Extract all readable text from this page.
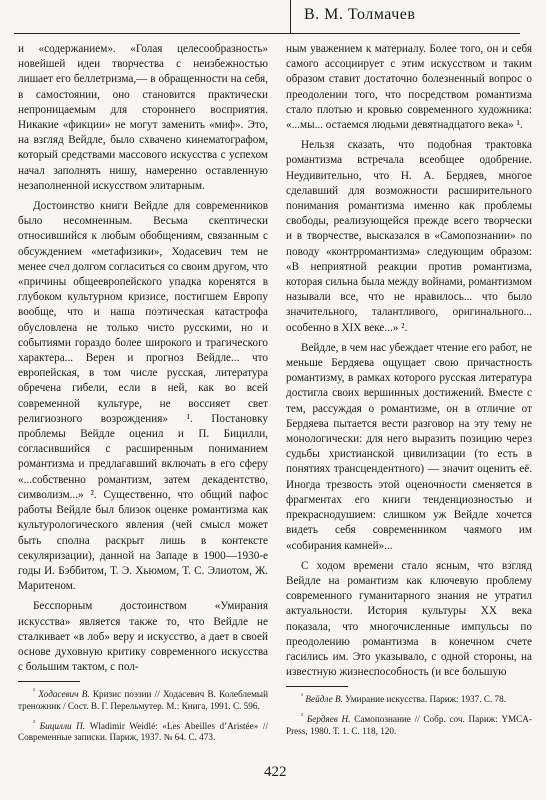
В. М. Толмачев

и «содержанием». «Голая целесообразность» новейшей идеи творчества с неизбежностью лишает его беллетризма,— в обращенности на себя, в самостоянии, оно становится практически непроницаемым для стороннего восприятия. Никакие «фикции» не могут заменить «миф». Это, на взгляд Вейдле, было схвачено кинематографом, который средствами массового искусства с успехом начал заполнять нишу, намеренно оставленную незаполненной искусством элитарным.

Достоинство книги Вейдле для современников было несомненным. Весьма скептически относившийся к любым обобщениям, связанным с обсуждением «метафизики», Ходасевич тем не менее счел долгом согласиться со своим другом, что «причины общеевропейского упадка коренятся в глубоком культурном кризисе, постигшем Европу вообще, что и наша поэтическая катастрофа обусловлена не только чисто русскими, но и событиями гораздо более широкого и трагического характера... Верен и прогноз Вейдле... что европейская, в том числе русская, литература обречена гибели, если в ней, как во всей современной культуре, не воссияет свет религиозного возрождения» ¹. Постановку проблемы Вейдле оценил и П. Бицилли, согласившийся с расширенным пониманием романтизма и предлагавший включать в его сферу «...собственно романтизм, затем декадентство, символизм...» ². Существенно, что общий пафос работы Вейдле был близок оценке романтизма как культурологического явления (чей смысл может быть сполна раскрыт лишь в контексте секуляризации), данной на Западе в 1900—1930-е годы И. Бэббитом, Т. Э. Хьюмом, Т. С. Элиотом, Ж. Маритеном.

Бесспорным достоинством «Умирания искусства» является также то, что Вейдле не сталкивает «в лоб» веру и искусство, а дает в своей основе духовную критику современного искусства с большим тактом, с пол-

$^{^1}$ Ходасевич В. Кризис поэзии // Ходасевич В. Колеблемый треножник / Сост. В. Г. Перельмутер. М.: Книга, 1991. С. 596.

$^{^2}$ Бицилли П. Wladimir Weidlé: «Les Abeilles d’Aristée» // Современные записки. Париж, 1937. № 64. С. 473.

ным уважением к материалу. Более того, он и себя самого ассоциирует с этим искусством и таким образом ставит достаточно болезненный вопрос о преодолении того, что посредством романтизма стало плотью и кровью современного художника: «...мы... остаемся людьми девятнадцатого века» ¹.

Нельзя сказать, что подобная трактовка романтизма встречала всеобщее одобрение. Неудивительно, что Н. А. Бердяев, многое сделавший для возможности расширительного понимания романтизма именно как проблемы свободы, реализующейся прежде всего творчески и в творчестве, высказался в «Самопознании» по поводу «контрромантизма» следующим образом: «В неприятной реакции против романтизма, которая сильна была между войнами, романтизмом называли все, что не нравилось... что было значительного, талантливого, оригинального... особенно в XIX веке...» ².

Вейдле, в чем нас убеждает чтение его работ, не меньше Бердяева ощущает свою причастность романтизму, в рамках которого русская литература достигла своих вершинных достижений. Вместе с тем, рассуждая о романтизме, он в отличие от Бердяева пытается вести разговор на эту тему не монологически: для него выразить позицию через судьбы христианской цивилизации (то есть в понятиях трансцендентного) — значит оценить её. Иногда трезвость этой оценочности сменяется в фрагментах его книги тенденциозностью и прекраснодушием: слишком уж Вейдле хочется видеть себя современником чаямого им «собирания камней»...

С ходом времени стало ясным, что взгляд Вейдле на романтизм как ключевую проблему современного гуманитарного знания не утратил актуальности. История культуры XX века показала, что многочисленные импульсы по преодолению романтизма в конечном счете гасились им. Это указывало, с одной стороны, на известную жизнеспособность (и все большую

$^{^1}$ Вейдле В. Умирание искусства. Париж: 1937. С. 78.

$^{^2}$ Бердяев Н. Самопознание // Собр. соч. Париж: YMCA-Press, 1980. Т. 1. С. 118, 120.

422
